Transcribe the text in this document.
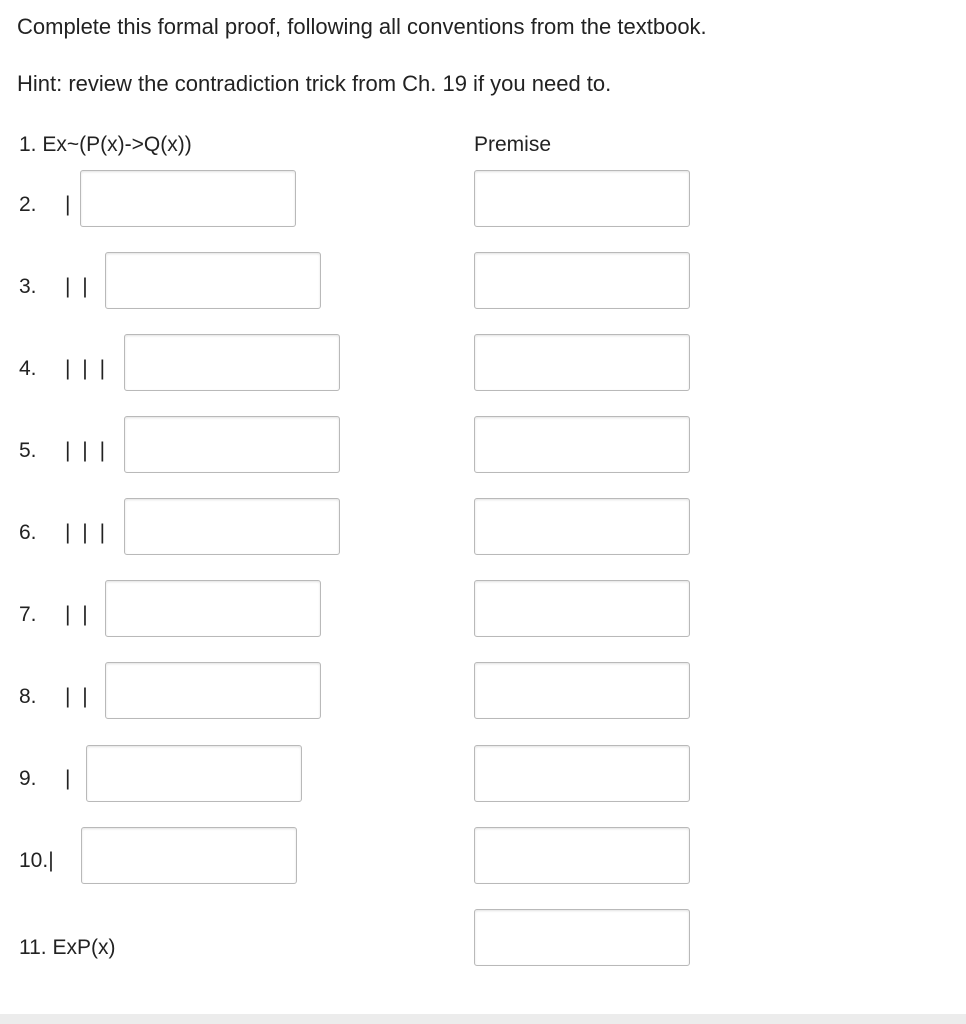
Complete this formal proof, following all conventions from the textbook.
Hint: review the contradiction trick from Ch. 19 if you need to.
1. Ex~(P(x)->Q(x))	Premise
2. |
3. | |
4. | | |
5. | | |
6. | | |
7. | |
8. | |
9. |
10.|
11. ExP(x)
